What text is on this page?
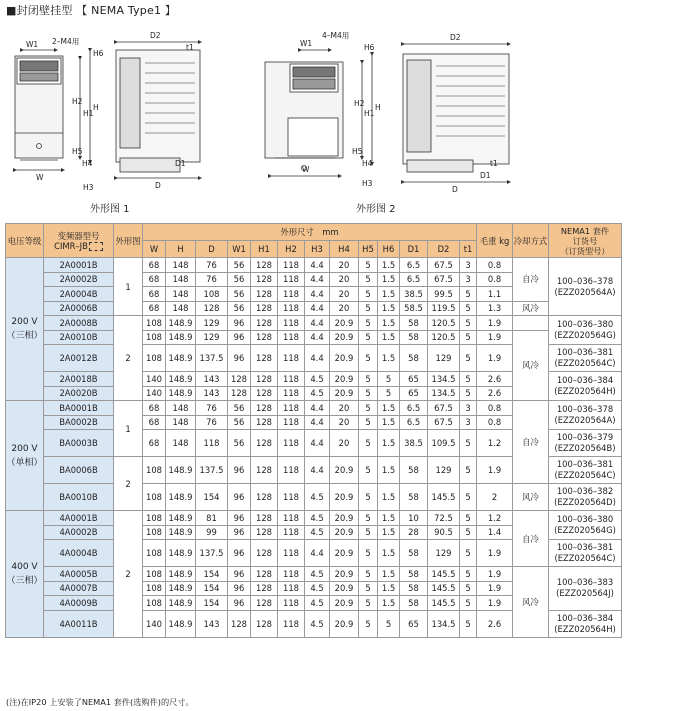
■封闭壁挂型 【 NEMA Type1 】
W1 2–M4用
D2
t1
H6
H2
H1
H
H5
H4
H3
W
D1
D
W1
4–M4用
H6
H2
H1
H
H5
H4
H3
W
D2
t1
D1
D
外形图 1	外形图 2
电压等级	变频器型号
CIMR–JB	外形图	外形尺寸　mm													毛重 kg	冷却方式	NEMA1 套件
订货号
（订货型号）
			W	H	D	W1	H1	H2	H3	H4	H5	H6	D1	D2	t1			
200 V
（三相）	2A0001B	1	68	148	76	56	128	118	4.4	20	5	1.5	6.5	67.5	3	0.8	自冷	100–036–378
(EZZ020564A)
	2A0002B		68	148	76	56	128	118	4.4	20	5	1.5	6.5	67.5	3	0.8		
	2A0004B		68	148	108	56	128	118	4.4	20	5	1.5	38.5	99.5	5	1.1		
	2A0006B		68	148	128	56	128	118	4.4	20	5	1.5	58.5	119.5	5	1.3	风冷	
	2A0008B	2	108	148.9	129	96	128	118	4.4	20.9	5	1.5	58	120.5	5	1.9		100–036–380
(EZZ020564G)
	2A0010B		108	148.9	129	96	128	118	4.4	20.9	5	1.5	58	120.5	5	1.9	风冷	
	2A0012B		108	148.9	137.5	96	128	118	4.4	20.9	5	1.5	58	129	5	1.9		100–036–381
(EZZ020564C)
	2A0018B		140	148.9	143	128	128	118	4.5	20.9	5	5	65	134.5	5	2.6		100–036–384
(EZZ020564H)
	2A0020B		140	148.9	143	128	128	118	4.5	20.9	5	5	65	134.5	5	2.6		
200 V
（单相）	BA0001B	1	68	148	76	56	128	118	4.4	20	5	1.5	6.5	67.5	3	0.8	自冷	100–036–378
(EZZ020564A)
	BA0002B		68	148	76	56	128	118	4.4	20	5	1.5	6.5	67.5	3	0.8		
	BA0003B		68	148	118	56	128	118	4.4	20	5	1.5	38.5	109.5	5	1.2		100–036–379
(EZZ020564B)
	BA0006B	2	108	148.9	137.5	96	128	118	4.4	20.9	5	1.5	58	129	5	1.9		100–036–381
(EZZ020564C)
	BA0010B		108	148.9	154	96	128	118	4.5	20.9	5	1.5	58	145.5	5	2	风冷	100–036–382
(EZZ020564D)
400 V
（三相）	4A0001B	2	108	148.9	81	96	128	118	4.5	20.9	5	1.5	10	72.5	5	1.2	自冷	100–036–380
(EZZ020564G)
	4A0002B		108	148.9	99	96	128	118	4.5	20.9	5	1.5	28	90.5	5	1.4		
	4A0004B		108	148.9	137.5	96	128	118	4.4	20.9	5	1.5	58	129	5	1.9		100–036–381
(EZZ020564C)
	4A0005B		108	148.9	154	96	128	118	4.5	20.9	5	1.5	58	145.5	5	1.9	风冷	100–036–383
(EZZ020564J)
	4A0007B		108	148.9	154	96	128	118	4.5	20.9	5	1.5	58	145.5	5	1.9		
	4A0009B		108	148.9	154	96	128	118	4.5	20.9	5	1.5	58	145.5	5	1.9		
	4A0011B		140	148.9	143	128	128	118	4.5	20.9	5	5	65	134.5	5	2.6		100–036–384
(EZZ020564H)
(注)在IP20 上安装了NEMA1 套件(选购件)的尺寸。
